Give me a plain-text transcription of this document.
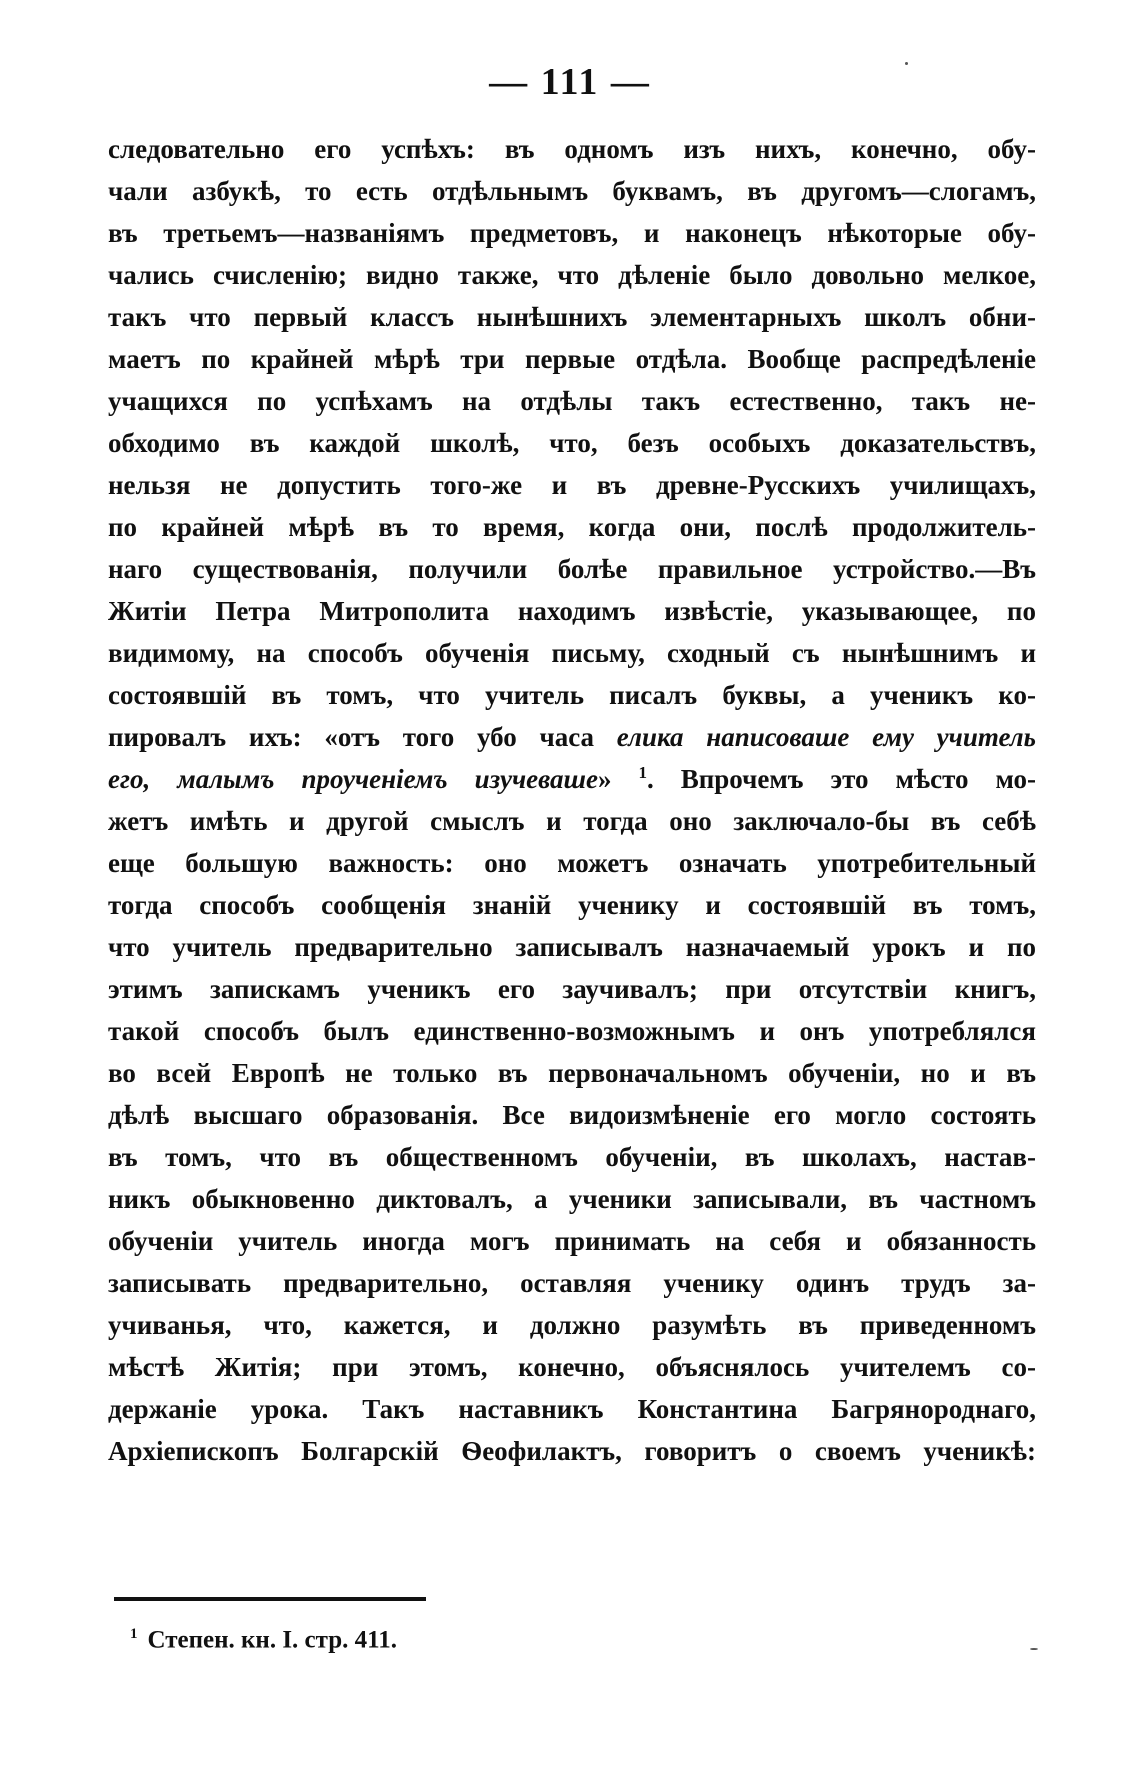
— 111 —
следовательно его успѣхъ: въ одномъ изъ нихъ, конечно, обу-
чали азбукѣ, то есть отдѣльнымъ буквамъ, въ другомъ—слогамъ,
въ третьемъ—названіямъ предметовъ, и наконецъ нѣкоторые обу-
чались счисленію; видно также, что дѣленіе было довольно мелкое,
такъ что первый классъ нынѣшнихъ элементарныхъ школъ обни-
маетъ по крайней мѣрѣ три первые отдѣла. Вообще распредѣленіе
учащихся по успѣхамъ на отдѣлы такъ естественно, такъ не-
обходимо въ каждой школѣ, что, безъ особыхъ доказательствъ,
нельзя не допустить того-же и въ древне-Русскихъ училищахъ,
по крайней мѣрѣ въ то время, когда они, послѣ продолжитель-
наго существованія, получили болѣе правильное устройство.—Въ
Житіи Петра Митрополита находимъ извѣстіе, указывающее, по
видимому, на способъ обученія письму, сходный съ нынѣшнимъ и
состоявшій въ томъ, что учитель писалъ буквы, а ученикъ ко-
пировалъ ихъ: «отъ того убо часа елика написоваше ему учитель
его, малымъ проученіемъ изучеваше» $^1$. Впрочемъ это мѣсто мо-
жетъ имѣть и другой смыслъ и тогда оно заключало-бы въ себѣ
еще большую важность: оно можетъ означать употребительный
тогда способъ сообщенія знаній ученику и состоявшій въ томъ,
что учитель предварительно записывалъ назначаемый урокъ и по
этимъ запискамъ ученикъ его заучивалъ; при отсутствіи книгъ,
такой способъ былъ единственно-возможнымъ и онъ употреблялся
во всей Европѣ не только въ первоначальномъ обученіи, но и въ
дѣлѣ высшаго образованія. Все видоизмѣненіе его могло состоять
въ томъ, что въ общественномъ обученіи, въ школахъ, настав-
никъ обыкновенно диктовалъ, а ученики записывали, въ частномъ
обученіи учитель иногда могъ принимать на себя и обязанность
записывать предварительно, оставляя ученику одинъ трудъ за-
учиванья, что, кажется, и должно разумѣть въ приведенномъ
мѣстѣ Житія; при этомъ, конечно, объяснялось учителемъ со-
держаніе урока. Такъ наставникъ Константина Багрянороднаго,
Архіепископъ Болгарскій Ѳеофилактъ, говоритъ о своемъ ученикѣ:
$^1$ Степен. кн. I. стр. 411.
